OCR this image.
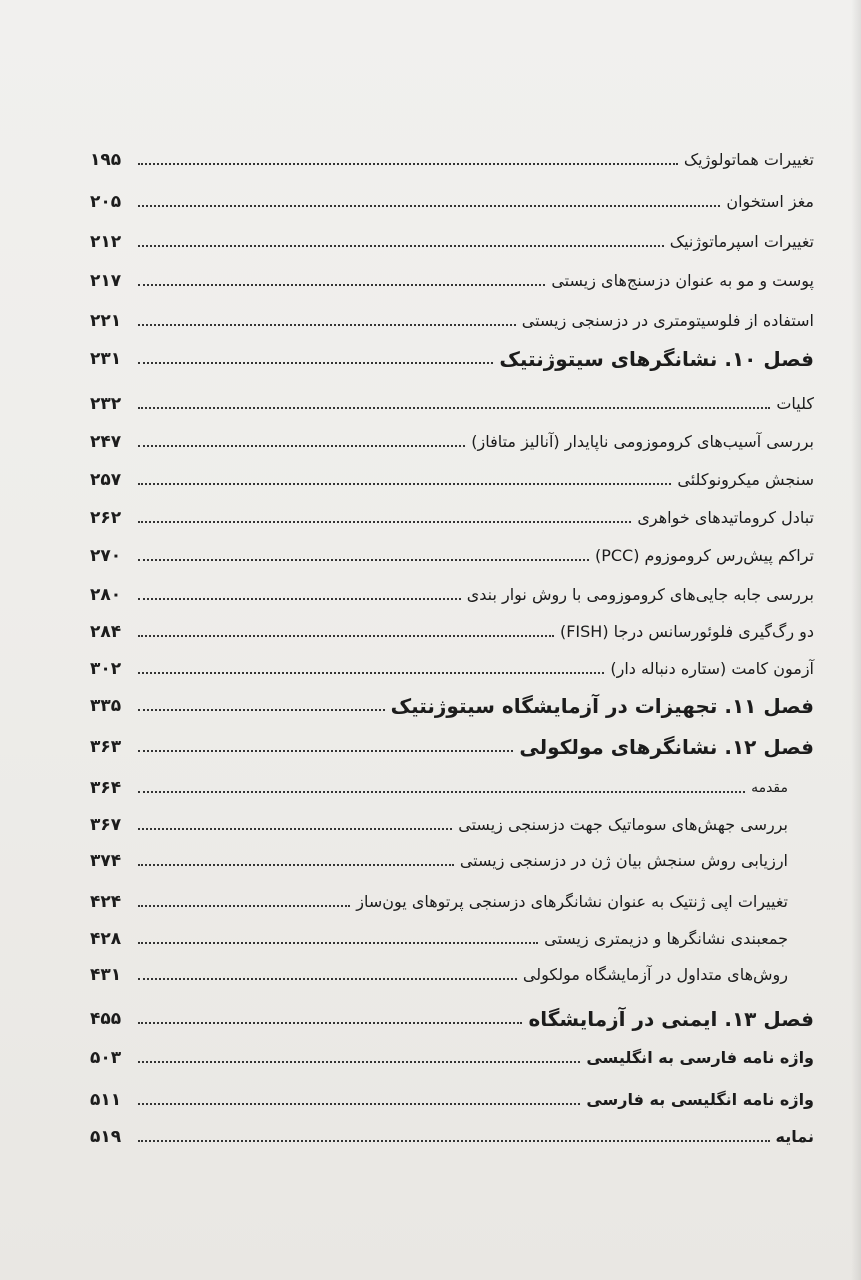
تغییرات هماتولوژیک
۱۹۵
مغز استخوان
۲۰۵
تغییرات اسپرماتوژنیک
۲۱۲
پوست و مو به عنوان دزسنج‌های زیستی
۲۱۷
استفاده از فلوسیتومتری در دزسنجی زیستی
۲۲۱
فصل ۱۰. نشانگرهای سیتوژنتیک
۲۳۱
کلیات
۲۳۲
بررسی آسیب‌های کروموزومی ناپایدار (آنالیز متافاز)
۲۴۷
سنجش میکرونوکلئی
۲۵۷
تبادل کروماتیدهای خواهری
۲۶۲
تراکم پیش‌رس کروموزوم (PCC)
۲۷۰
بررسی جابه جایی‌های کروموزومی با روش نوار بندی
۲۸۰
دو رگ‌گیری فلوئورسانس درجا (FISH)
۲۸۴
آزمون کامت (ستاره دنباله دار)
۳۰۲
فصل ۱۱. تجهیزات در آزمایشگاه سیتوژنتیک
۳۳۵
فصل ۱۲. نشانگرهای مولکولی
۳۶۳
مقدمه
۳۶۴
بررسی جهش‌های سوماتیک جهت دزسنجی زیستی
۳۶۷
ارزیابی روش سنجش بیان ژن در دزسنجی زیستی
۳۷۴
تغییرات اپی ژنتیک به عنوان نشانگرهای دزسنجی پرتوهای یون‌ساز
۴۲۴
جمعبندی نشانگرها و دزیمتری زیستی
۴۲۸
روش‌های متداول در آزمایشگاه مولکولی
۴۳۱
فصل ۱۳. ایمنی در آزمایشگاه
۴۵۵
واژه نامه فارسی به انگلیسی
۵۰۳
واژه نامه انگلیسی به فارسی
۵۱۱
نمایه
۵۱۹
